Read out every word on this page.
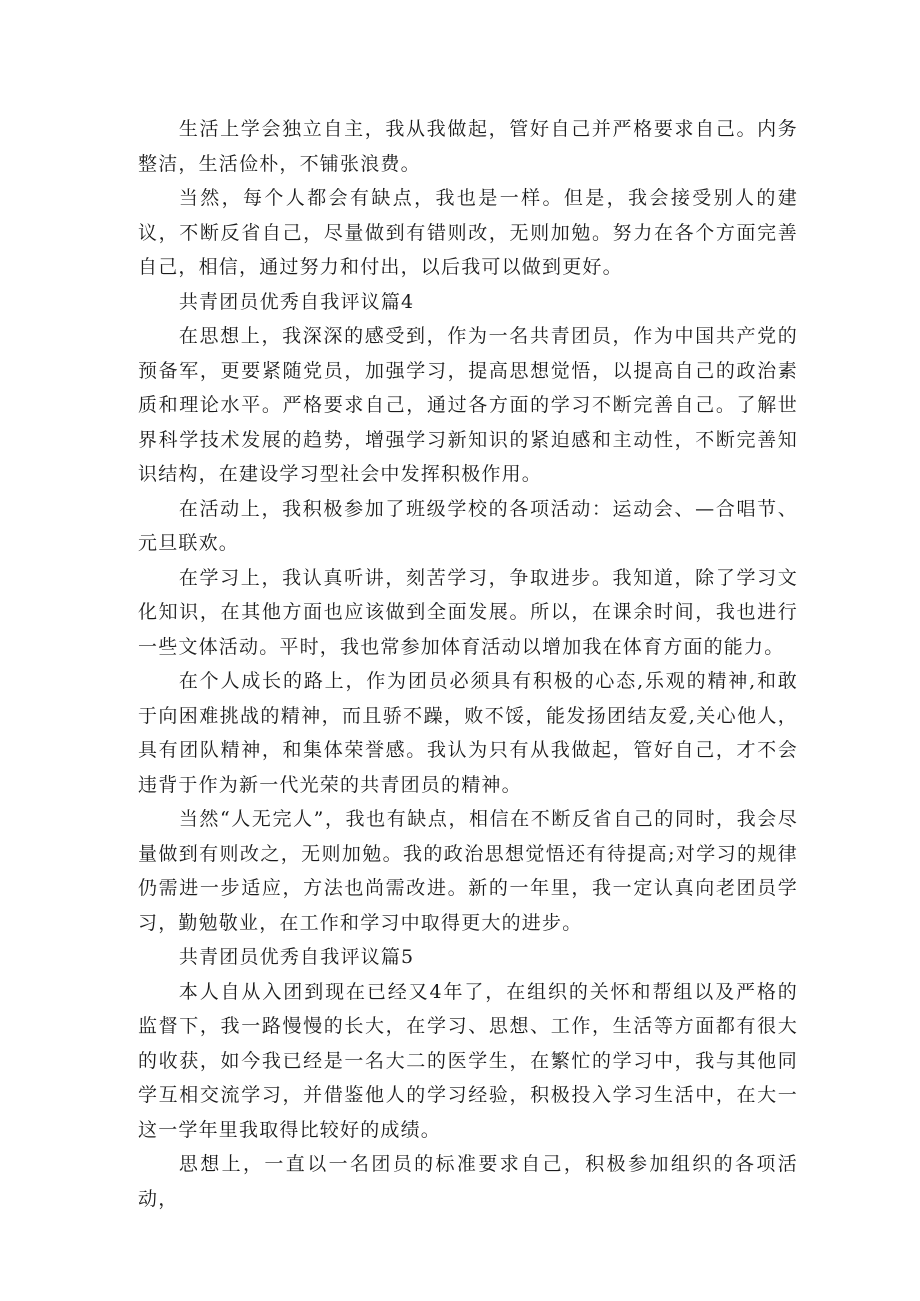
生活上学会独立自主，我从我做起，管好自己并严格要求自己。内务整洁，生活俭朴，不铺张浪费。

当然，每个人都会有缺点，我也是一样。但是，我会接受别人的建议，不断反省自己，尽量做到有错则改，无则加勉。努力在各个方面完善自己，相信，通过努力和付出，以后我可以做到更好。

共青团员优秀自我评议篇4

在思想上，我深深的感受到，作为一名共青团员，作为中国共产党的预备军，更要紧随党员，加强学习，提高思想觉悟，以提高自己的政治素质和理论水平。严格要求自己，通过各方面的学习不断完善自己。了解世界科学技术发展的趋势，增强学习新知识的紧迫感和主动性，不断完善知识结构，在建设学习型社会中发挥积极作用。

在活动上，我积极参加了班级学校的各项活动：运动会、—合唱节、元旦联欢。

在学习上，我认真听讲，刻苦学习，争取进步。我知道，除了学习文化知识，在其他方面也应该做到全面发展。所以，在课余时间，我也进行一些文体活动。平时，我也常参加体育活动以增加我在体育方面的能力。

在个人成长的路上，作为团员必须具有积极的心态,乐观的精神,和敢于向困难挑战的精神，而且骄不躁，败不馁，能发扬团结友爱,关心他人，具有团队精神，和集体荣誉感。我认为只有从我做起，管好自己，才不会违背于作为新一代光荣的共青团员的精神。

当然“人无完人”，我也有缺点，相信在不断反省自己的同时，我会尽量做到有则改之，无则加勉。我的政治思想觉悟还有待提高;对学习的规律仍需进一步适应，方法也尚需改进。新的一年里，我一定认真向老团员学习，勤勉敬业，在工作和学习中取得更大的进步。

共青团员优秀自我评议篇5

本人自从入团到现在已经又4年了，在组织的关怀和帮组以及严格的监督下，我一路慢慢的长大，在学习、思想、工作，生活等方面都有很大的收获，如今我已经是一名大二的医学生，在繁忙的学习中，我与其他同学互相交流学习，并借鉴他人的学习经验，积极投入学习生活中，在大一这一学年里我取得比较好的成绩。

思想上，一直以一名团员的标准要求自己，积极参加组织的各项活动，
